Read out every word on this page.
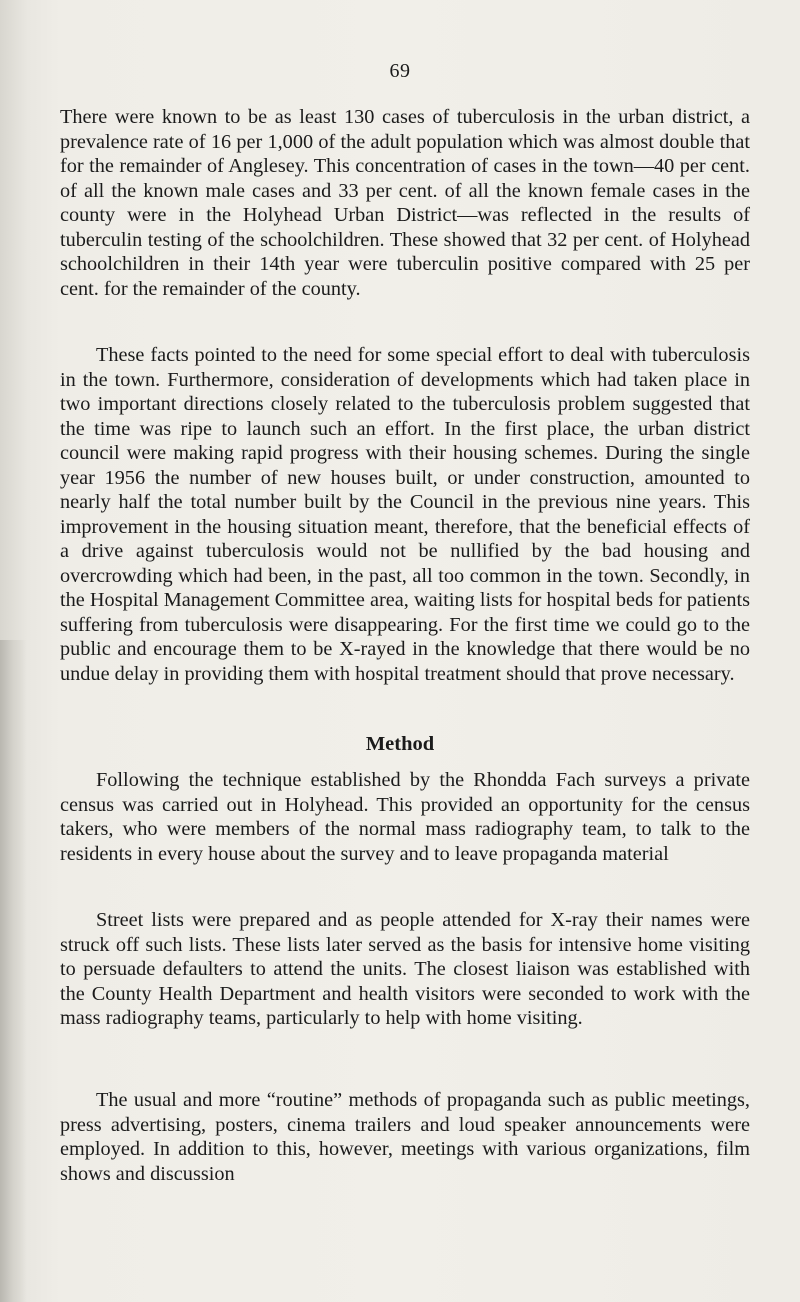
69

There were known to be as least 130 cases of tuberculosis in the urban district, a prevalence rate of 16 per 1,000 of the adult population which was almost double that for the remainder of Anglesey. This concentration of cases in the town—40 per cent. of all the known male cases and 33 per cent. of all the known female cases in the county were in the Holyhead Urban District—was reflected in the results of tuberculin testing of the schoolchildren. These showed that 32 per cent. of Holyhead schoolchildren in their 14th year were tuberculin positive compared with 25 per cent. for the remainder of the county.

These facts pointed to the need for some special effort to deal with tuberculosis in the town. Furthermore, consideration of developments which had taken place in two important directions closely related to the tuberculosis problem suggested that the time was ripe to launch such an effort. In the first place, the urban district council were making rapid progress with their housing schemes. During the single year 1956 the number of new houses built, or under construction, amounted to nearly half the total number built by the Council in the previous nine years. This improvement in the housing situation meant, therefore, that the beneficial effects of a drive against tuberculosis would not be nullified by the bad housing and overcrowding which had been, in the past, all too common in the town. Secondly, in the Hospital Management Committee area, waiting lists for hospital beds for patients suffering from tuberculosis were disappearing. For the first time we could go to the public and encourage them to be X-rayed in the knowledge that there would be no undue delay in providing them with hospital treatment should that prove necessary.

Method

Following the technique established by the Rhondda Fach surveys a private census was carried out in Holyhead. This provided an opportunity for the census takers, who were members of the normal mass radiography team, to talk to the residents in every house about the survey and to leave propaganda material

Street lists were prepared and as people attended for X-ray their names were struck off such lists. These lists later served as the basis for intensive home visiting to persuade defaulters to attend the units. The closest liaison was established with the County Health Department and health visitors were seconded to work with the mass radiography teams, particularly to help with home visiting.

The usual and more “routine” methods of propaganda such as public meetings, press advertising, posters, cinema trailers and loud speaker announcements were employed. In addition to this, however, meetings with various organizations, film shows and discussion
